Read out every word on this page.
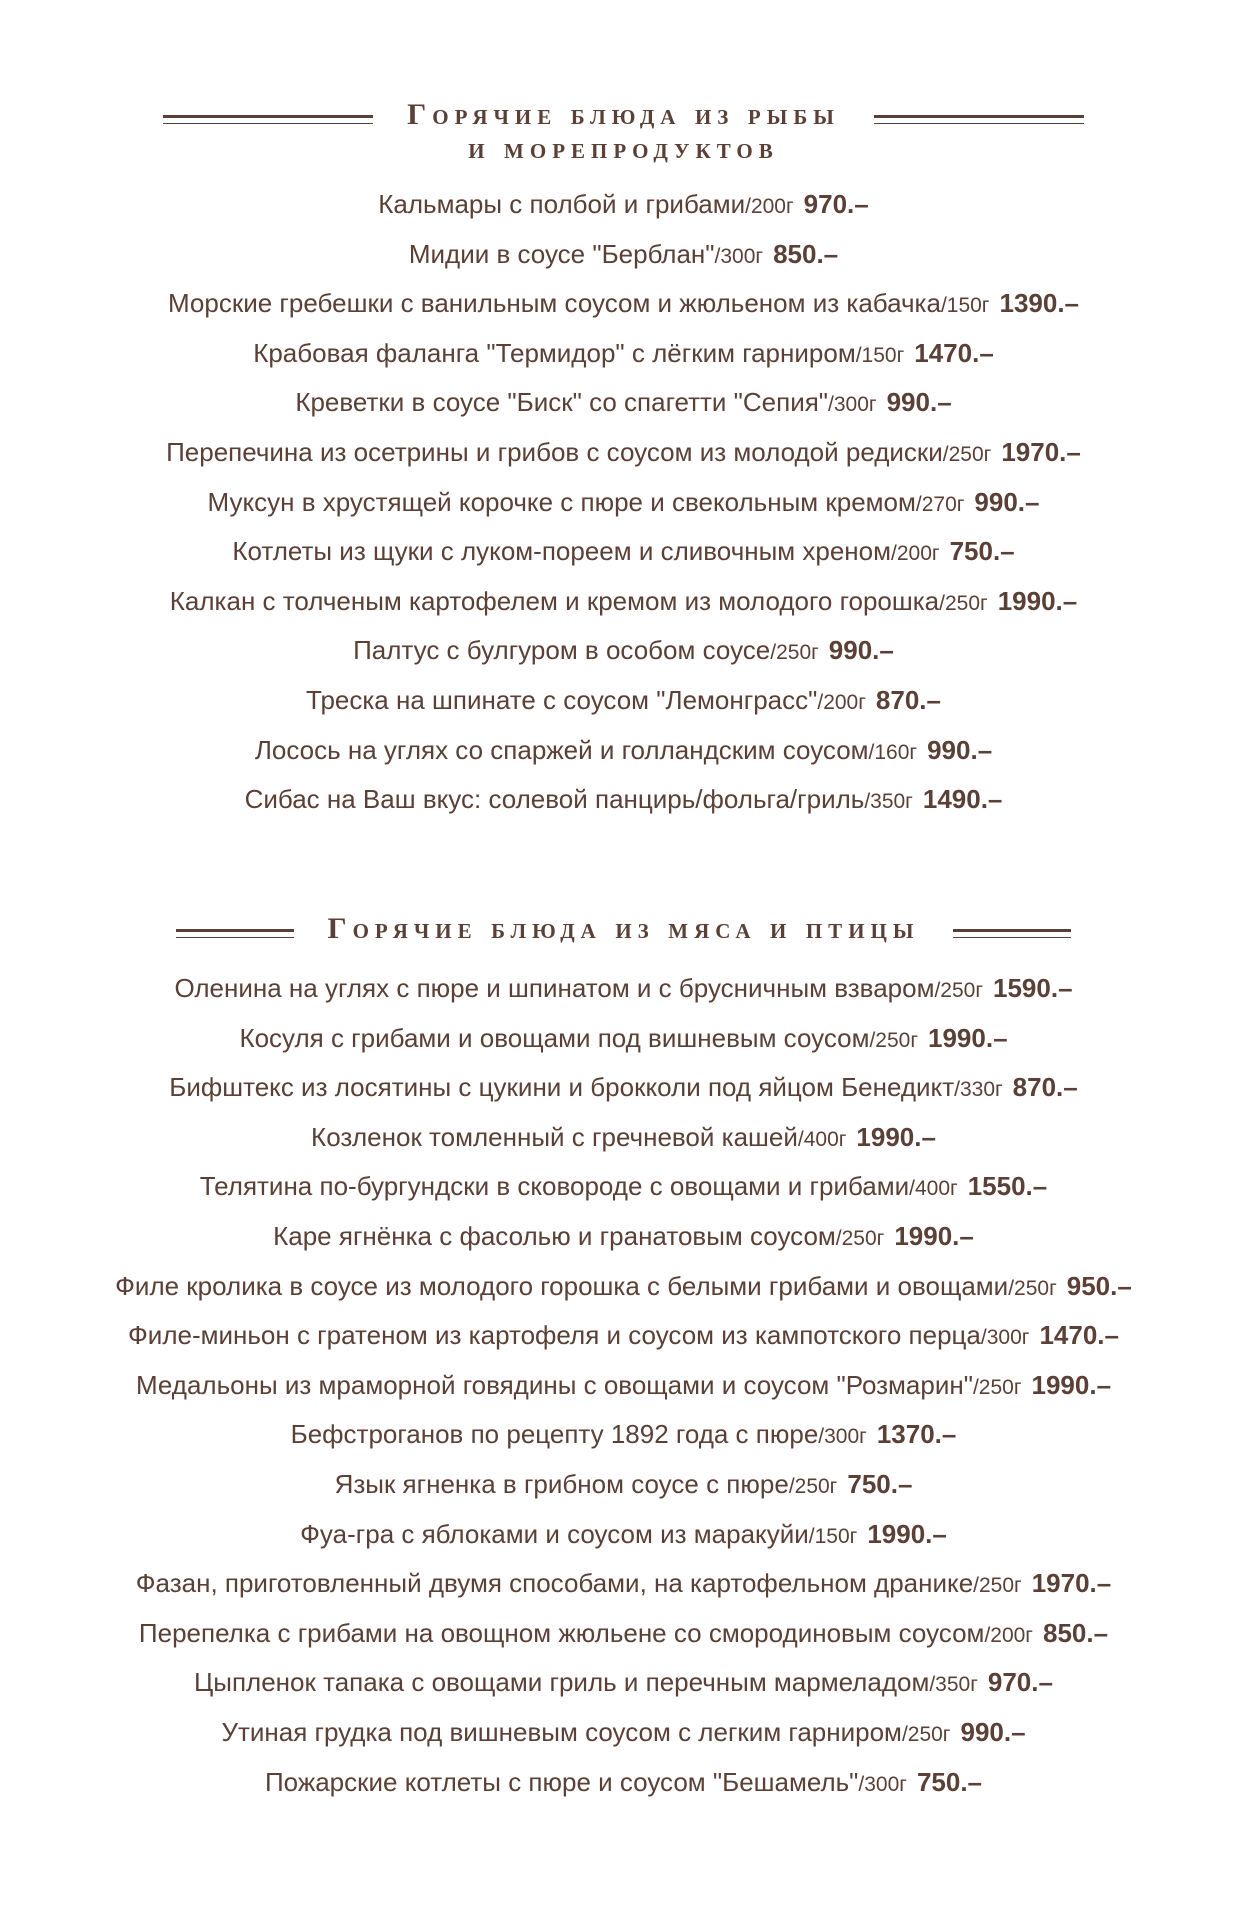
Горячие блюда из рыбы
и морепродуктов
Кальмары с полбой и грибами/200г 970.–
Мидии в соусе "Берблан"/300г 850.–
Морские гребешки с ванильным соусом и жюльеном из кабачка/150г 1390.–
Крабовая фаланга "Термидор" с лёгким гарниром/150г 1470.–
Креветки в соусе "Биск" со спагетти "Сепия"/300г 990.–
Перепечина из осетрины и грибов с соусом из молодой редиски/250г 1970.–
Муксун в хрустящей корочке с пюре и свекольным кремом/270г 990.–
Котлеты из щуки с луком-пореем и сливочным хреном/200г 750.–
Калкан с толченым картофелем и кремом из молодого горошка/250г 1990.–
Палтус с булгуром в особом соусе/250г 990.–
Треска на шпинате с соусом "Лемонграсс"/200г 870.–
Лосось на углях со спаржей и голландским соусом/160г 990.–
Сибас на Ваш вкус: солевой панцирь/фольга/гриль/350г 1490.–
Горячие блюда из мяса и птицы
Оленина на углях с пюре и шпинатом и с брусничным взваром/250г 1590.–
Косуля с грибами и овощами под вишневым соусом/250г 1990.–
Бифштекс из лосятины с цукини и брокколи под яйцом Бенедикт/330г 870.–
Козленок томленный с гречневой кашей/400г 1990.–
Телятина по-бургундски в сковороде с овощами и грибами/400г 1550.–
Каре ягнёнка с фасолью и гранатовым соусом/250г 1990.–
Филе кролика в соусе из молодого горошка с белыми грибами и овощами/250г 950.–
Филе-миньон с гратеном из картофеля и соусом из кампотского перца/300г 1470.–
Медальоны из мраморной говядины с овощами и соусом "Розмарин"/250г 1990.–
Бефстроганов по рецепту 1892 года с пюре/300г 1370.–
Язык ягненка в грибном соусе с пюре/250г 750.–
Фуа-гра с яблоками и соусом из маракуйи/150г 1990.–
Фазан, приготовленный двумя способами, на картофельном дранике/250г 1970.–
Перепелка с грибами на овощном жюльене со смородиновым соусом/200г 850.–
Цыпленок тапака с овощами гриль и перечным мармеладом/350г 970.–
Утиная грудка под вишневым соусом с легким гарниром/250г 990.–
Пожарские котлеты с пюре и соусом "Бешамель"/300г 750.–
